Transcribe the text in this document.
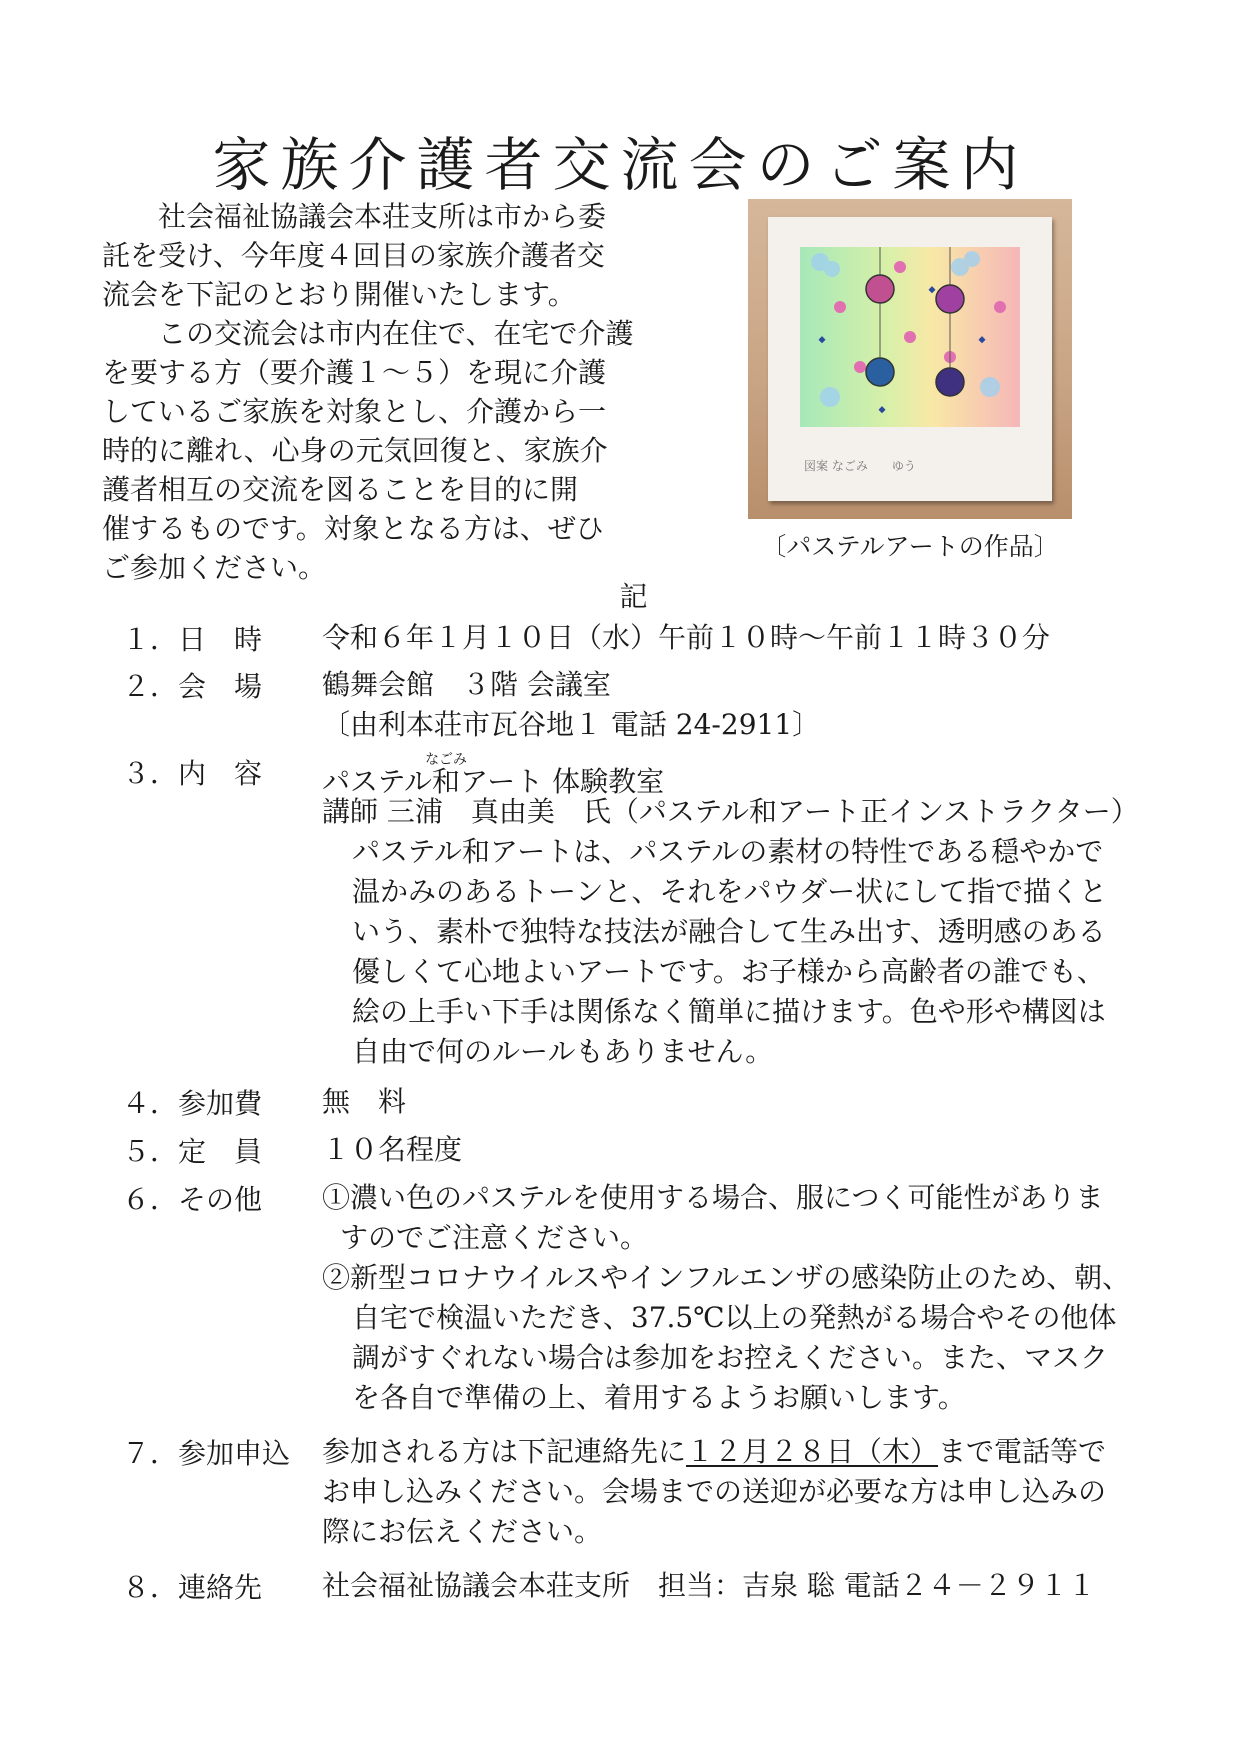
家族介護者交流会のご案内

社会福祉協議会本荘支所は市から委
託を受け、今年度４回目の家族介護者交
流会を下記のとおり開催いたします。

この交流会は市内在住で、在宅で介護
を要する方（要介護１～５）を現に介護
しているご家族を対象とし、介護から一
時的に離れ、心身の元気回復と、家族介
護者相互の交流を図ることを目的に開
催するものです。対象となる方は、ぜひ
ご参加ください。

図案 なごみ　　ゆう
〔パステルアートの作品〕
記
１．日　時	令和６年１月１０日（水）午前１０時～午前１１時３０分
２．会　場	鶴舞会館　３階 会議室
〔由利本荘市瓦谷地１ 電話 24-2911〕
３．内　容	パステル和なごみアート 体験教室
講師 三浦　真由美　氏（パステル和アート正インストラクター）
パステル和アートは、パステルの素材の特性である穏やかで
温かみのあるトーンと、それをパウダー状にして指で描くと
いう、素朴で独特な技法が融合して生み出す、透明感のある
優しくて心地よいアートです。お子様から高齢者の誰でも、
絵の上手い下手は関係なく簡単に描けます。色や形や構図は
自由で何のルールもありません。
４．参加費	無　料
５．定　員	１０名程度
６．その他	①濃い色のパステルを使用する場合、服につく可能性がありま
すのでご注意ください。
②新型コロナウイルスやインフルエンザの感染防止のため、朝、
自宅で検温いただき、37.5℃以上の発熱がる場合やその他体
調がすぐれない場合は参加をお控えください。また、マスク
を各自で準備の上、着用するようお願いします。
７．参加申込	参加される方は下記連絡先に１２月２８日（木）まで電話等で
お申し込みください。会場までの送迎が必要な方は申し込みの
際にお伝えください。
８．連絡先	社会福祉協議会本荘支所　担当：吉泉 聡 電話２４－２９１１
